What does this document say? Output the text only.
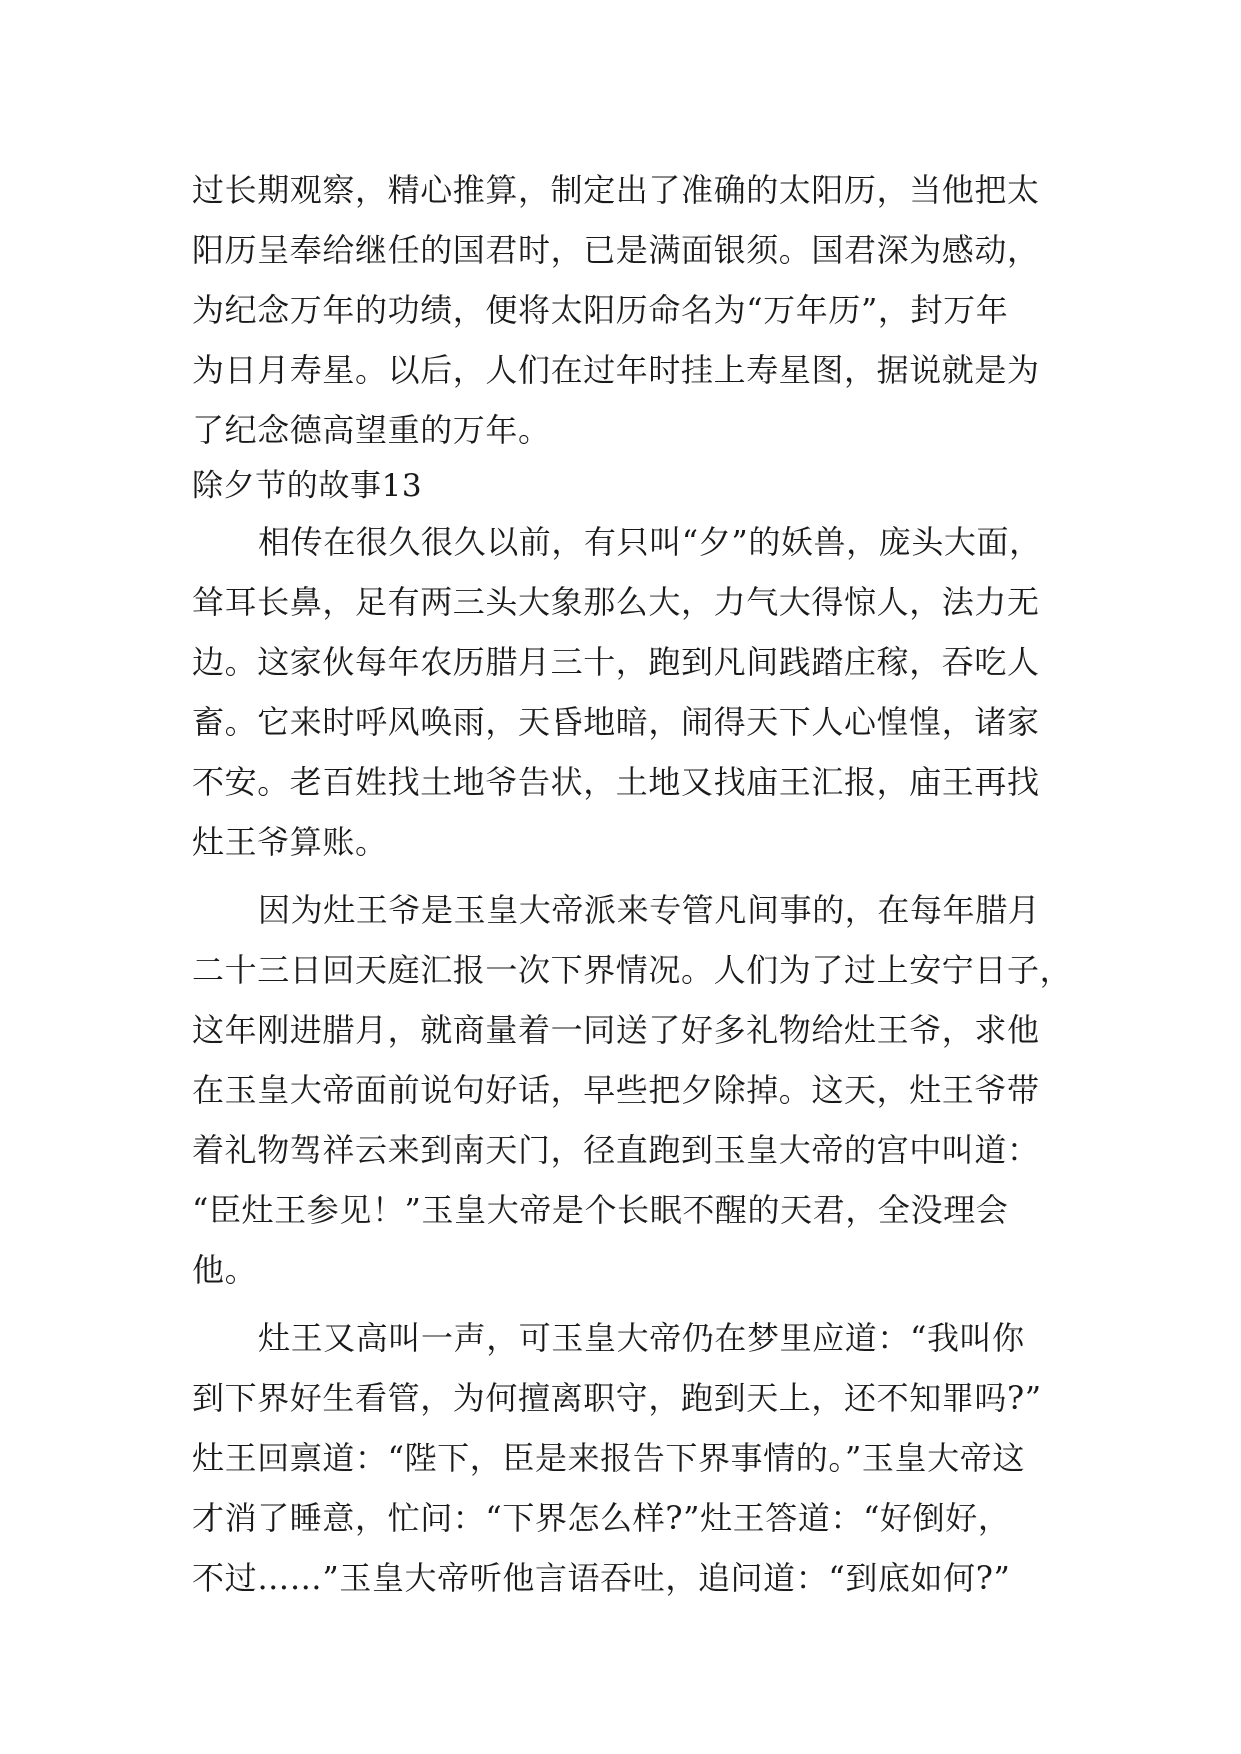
过长期观察，精心推算，制定出了准确的太阳历，当他把太
阳历呈奉给继任的国君时，已是满面银须。国君深为感动，
为纪念万年的功绩，便将太阳历命名为“万年历”，封万年
为日月寿星。以后，人们在过年时挂上寿星图，据说就是为
了纪念德高望重的万年。
除夕节的故事13
相传在很久很久以前，有只叫“夕”的妖兽，庞头大面，
耸耳长鼻，足有两三头大象那么大，力气大得惊人，法力无
边。这家伙每年农历腊月三十，跑到凡间践踏庄稼，吞吃人
畜。它来时呼风唤雨，天昏地暗，闹得天下人心惶惶，诸家
不安。老百姓找土地爷告状，土地又找庙王汇报，庙王再找
灶王爷算账。
因为灶王爷是玉皇大帝派来专管凡间事的，在每年腊月
二十三日回天庭汇报一次下界情况。人们为了过上安宁日子，
这年刚进腊月，就商量着一同送了好多礼物给灶王爷，求他
在玉皇大帝面前说句好话，早些把夕除掉。这天，灶王爷带
着礼物驾祥云来到南天门，径直跑到玉皇大帝的宫中叫道：
“臣灶王参见！”玉皇大帝是个长眠不醒的天君，全没理会
他。
灶王又高叫一声，可玉皇大帝仍在梦里应道：“我叫你
到下界好生看管，为何擅离职守，跑到天上，还不知罪吗?”
灶王回禀道：“陛下，臣是来报告下界事情的。”玉皇大帝这
才消了睡意，忙问：“下界怎么样?”灶王答道：“好倒好，
不过……”玉皇大帝听他言语吞吐，追问道：“到底如何?”
